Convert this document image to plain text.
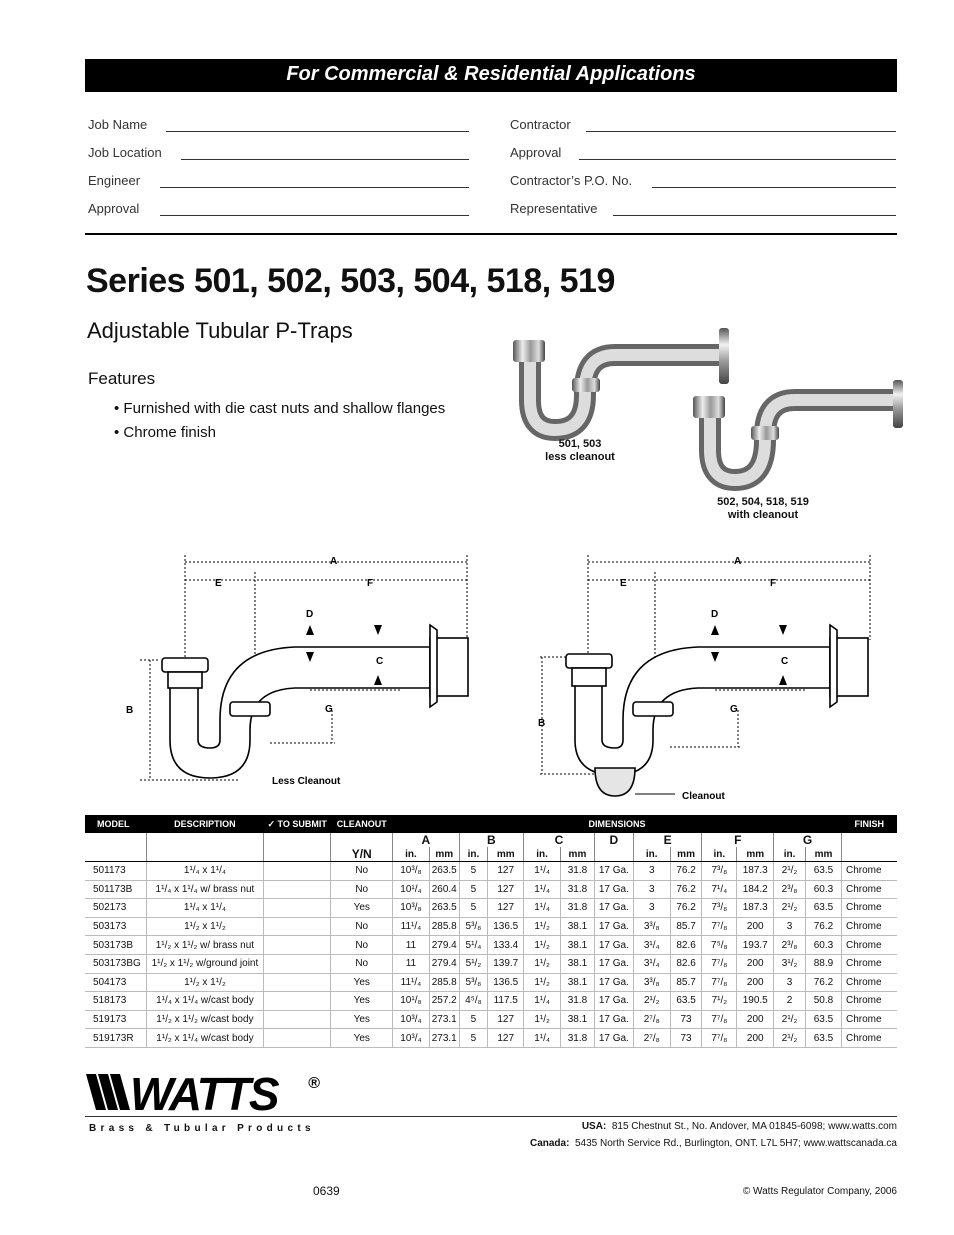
For Commercial & Residential Applications
Job Name
Job Location
Engineer
Approval
Contractor
Approval
Contractor’s P.O. No.
Representative
Series 501, 502, 503, 504, 518, 519
Adjustable Tubular P-Traps
Features
• Furnished with die cast nuts and shallow flanges
• Chrome finish
501, 503
less cleanout
502, 504, 518, 519
with cleanout
A
E	F
D
C
B	G
Less Cleanout
A
E	F
D
C
B
G
Cleanout
MODEL	DESCRIPTION	✓ TO SUBMIT	CLEANOUT	DIMENSIONS													FINISH
				A		B		C		D	E		F		G		
			Y/N	in.	mm	in.	mm	in.	mm		in.	mm	in.	mm	in.	mm	
501173	1¹/₄ x 1¹/₄		No	10³/₈	263.5	5	127	1¹/₄	31.8	17 Ga.	3	76.2	7³/₈	187.3	2¹/₂	63.5	Chrome
501173B	1¹/₄ x 1¹/₄ w/ brass nut		No	10¹/₄	260.4	5	127	1¹/₄	31.8	17 Ga.	3	76.2	7¹/₄	184.2	2³/₈	60.3	Chrome
502173	1¹/₄ x 1¹/₄		Yes	10³/₈	263.5	5	127	1¹/₄	31.8	17 Ga.	3	76.2	7³/₈	187.3	2¹/₂	63.5	Chrome
503173	1¹/₂ x 1¹/₂		No	11¹/₄	285.8	5³/₈	136.5	1¹/₂	38.1	17 Ga.	3³/₈	85.7	7⁷/₈	200	3	76.2	Chrome
503173B	1¹/₂ x 1¹/₂ w/ brass nut		No	11	279.4	5¹/₄	133.4	1¹/₂	38.1	17 Ga.	3¹/₄	82.6	7⁵/₈	193.7	2³/₈	60.3	Chrome
503173BG	1¹/₂ x 1¹/₂ w/ground joint		No	11	279.4	5¹/₂	139.7	1¹/₂	38.1	17 Ga.	3¹/₄	82.6	7⁷/₈	200	3¹/₂	88.9	Chrome
504173	1¹/₂ x 1¹/₂		Yes	11¹/₄	285.8	5³/₈	136.5	1¹/₂	38.1	17 Ga.	3³/₈	85.7	7⁷/₈	200	3	76.2	Chrome
518173	1¹/₄ x 1¹/₄ w/cast body		Yes	10¹/₈	257.2	4⁵/₈	117.5	1¹/₄	31.8	17 Ga.	2¹/₂	63.5	7¹/₂	190.5	2	50.8	Chrome
519173	1¹/₂ x 1¹/₂ w/cast body		Yes	10³/₄	273.1	5	127	1¹/₂	38.1	17 Ga.	2⁷/₈	73	7⁷/₈	200	2¹/₂	63.5	Chrome
519173R	1¹/₂ x 1¹/₄ w/cast body		Yes	10³/₄	273.1	5	127	1¹/₄	31.8	17 Ga.	2⁷/₈	73	7⁷/₈	200	2¹/₂	63.5	Chrome
WATTS ®
Brass & Tubular Products	USA: 815 Chestnut St., No. Andover, MA 01845-6098; www.watts.com
Canada: 5435 North Service Rd., Burlington, ONT. L7L 5H7; www.wattscanada.ca
0639	© Watts Regulator Company, 2006
